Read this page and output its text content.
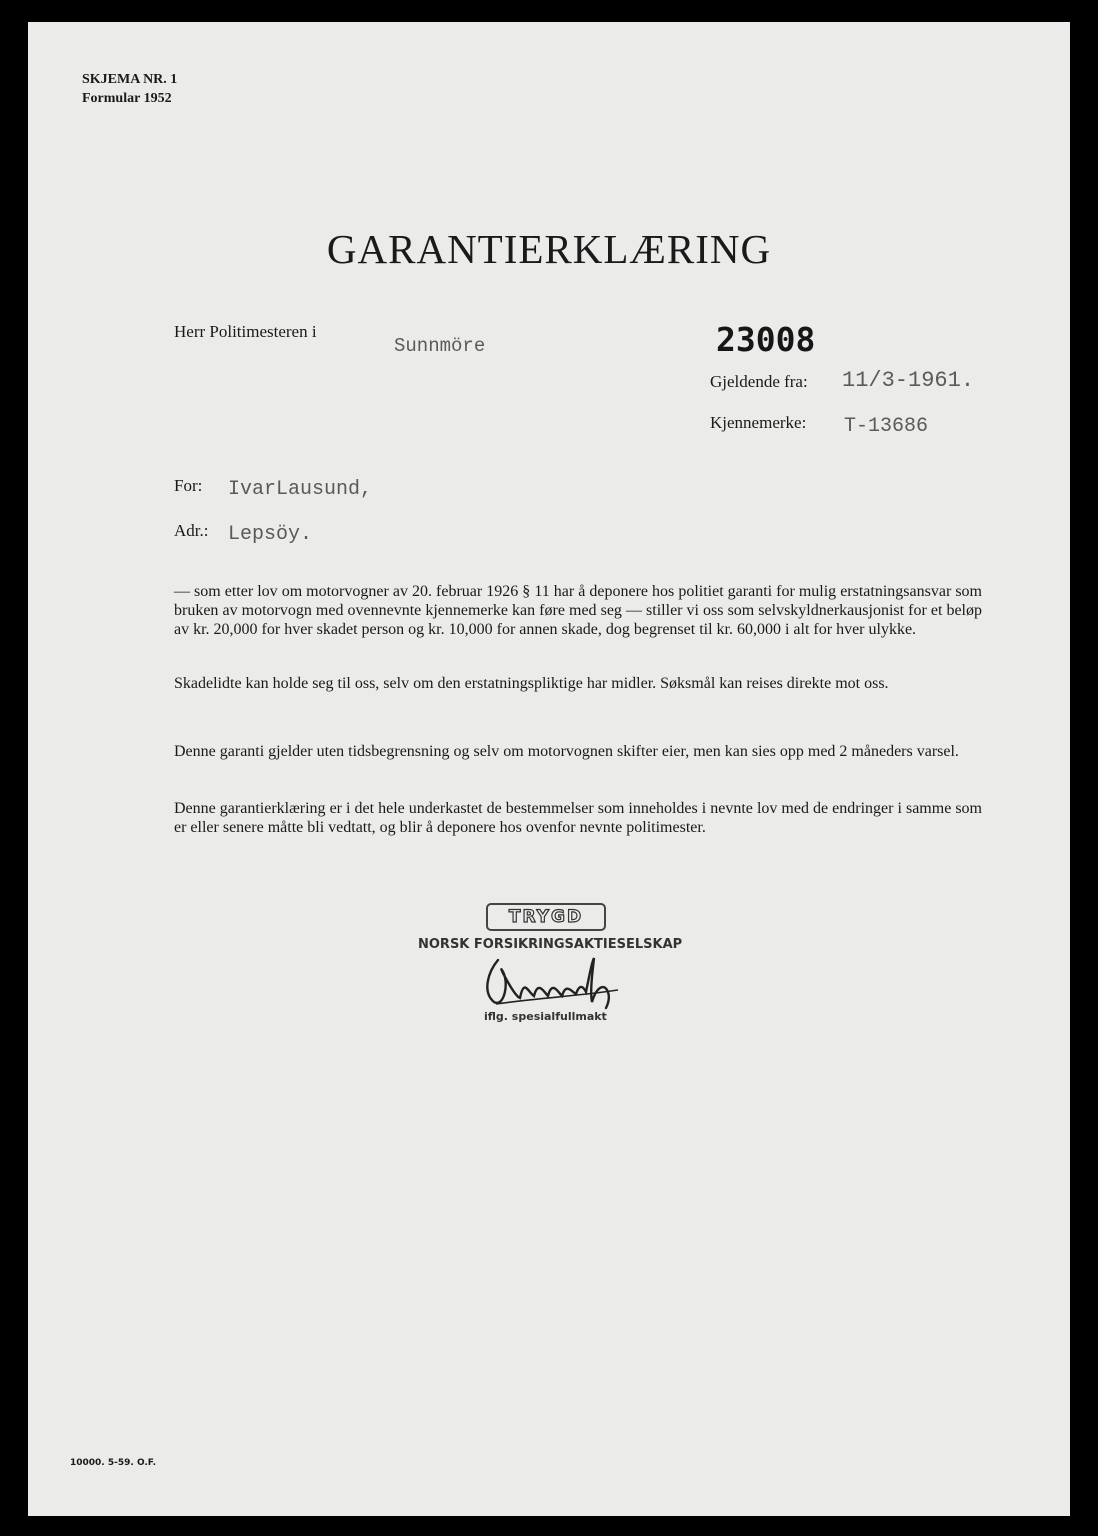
SKJEMA NR. 1
Formular 1952
GARANTIERKLÆRING
Herr Politimesteren i
Sunnmöre	23008
Gjeldende fra: 11/3-1961.
Kjennemerke: T-13686
For: IvarLausund,
Adr.: Lepsöy.

— som etter lov om motorvogner av 20. februar 1926 § 11 har å deponere hos politiet garanti for mulig erstatningsansvar som bruken av motorvogn med ovennevnte kjennemerke kan føre med seg — stiller vi oss som selvskyldnerkausjonist for et beløp av kr. 20,000 for hver skadet person og kr. 10,000 for annen skade, dog begrenset til kr. 60,000 i alt for hver ulykke.

Skadelidte kan holde seg til oss, selv om den erstatningspliktige har midler. Søksmål kan reises direkte mot oss.

Denne garanti gjelder uten tidsbegrensning og selv om motorvognen skifter eier, men kan sies opp med 2 måneders varsel.

Denne garantierklæring er i det hele underkastet de bestemmelser som inneholdes i nevnte lov med de endringer i samme som er eller senere måtte bli vedtatt, og blir å deponere hos ovenfor nevnte politimester.

TRYGD
NORSK FORSIKRINGSAKTIESELSKAP
iflg. spesialfullmakt
10000. 5-59. O.F.
